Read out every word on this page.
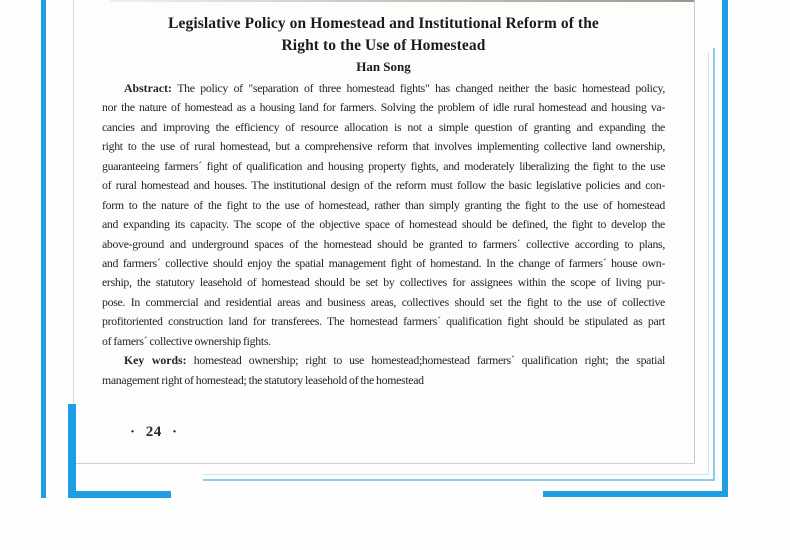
Legislative Policy on Homestead and Institutional Reform of the
Right to the Use of Homestead
Han Song
Abstract: The policy of "separation of three homestead fights" has changed neither the basic homestead policy,
nor the nature of homestead as a housing land for farmers. Solving the problem of idle rural homestead and housing va-
cancies and improving the efficiency of resource allocation is not a simple question of granting and expanding the
right to the use of rural homestead, but a comprehensive reform that involves implementing collective land ownership,
guaranteeing farmers´ fight of qualification and housing property fights, and moderately liberalizing the fight to the use
of rural homestead and houses. The institutional design of the reform must follow the basic legislative policies and con-
form to the nature of the fight to the use of homestead, rather than simply granting the fight to the use of homestead
and expanding its capacity. The scope of the objective space of homestead should be defined, the fight to develop the
above-ground and underground spaces of the homestead should be granted to farmers´ collective according to plans,
and farmers´ collective should enjoy the spatial management fight of homestand. In the change of farmers´ house own-
ership, the statutory leasehold of homestead should be set by collectives for assignees within the scope of living pur-
pose. In commercial and residential areas and business areas, collectives should set the fight to the use of collective
profitoriented construction land for transferees. The homestead farmers´ qualification fight should be stipulated as part
of famers´ collective ownership fights.
Key words: homestead ownership; right to use homestead;homestead farmers´ qualification right; the spatial
management right of homestead; the statutory leasehold of the homestead
· 24 ·
